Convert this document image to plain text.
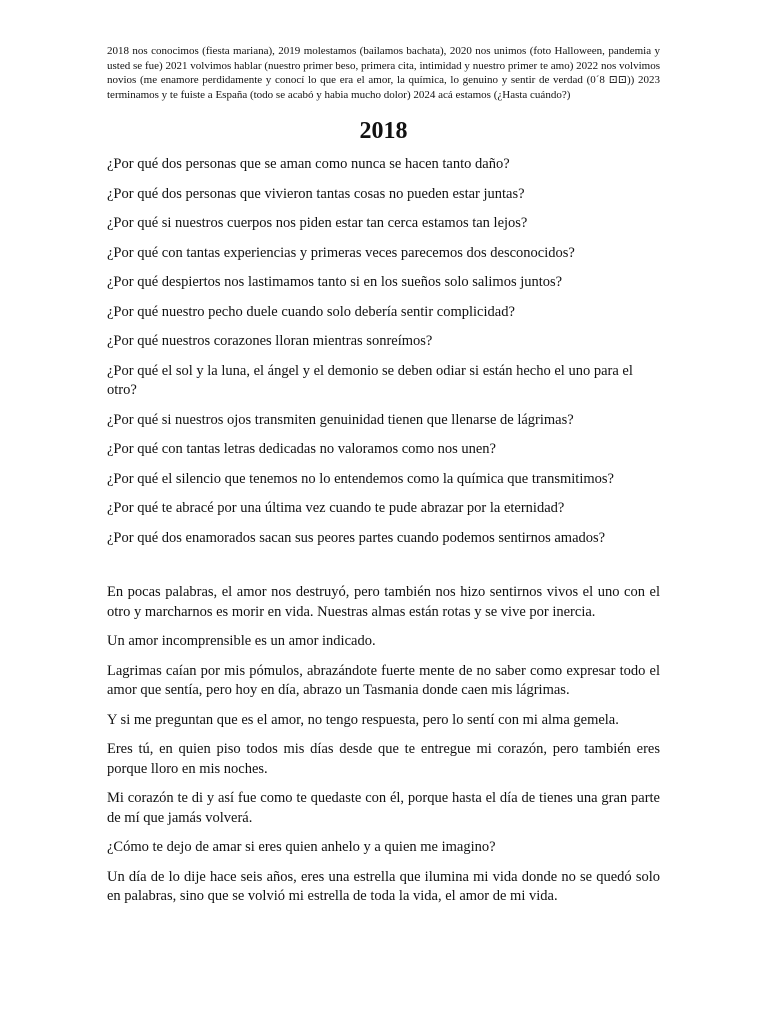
2018 nos conocimos (fiesta mariana), 2019 molestamos (bailamos bachata), 2020 nos unimos (foto Halloween, pandemia y usted se fue) 2021 volvimos hablar (nuestro primer beso, primera cita, intimidad y nuestro primer te amo) 2022 nos volvimos novios (me enamore perdidamente y conocí lo que era el amor, la química, lo genuino y sentir de verdad (0´8 ⊡⊡)) 2023 terminamos y te fuiste a España (todo se acabó y habia mucho dolor) 2024 acá estamos (¿Hasta cuándo?)

2018

¿Por qué dos personas que se aman como nunca se hacen tanto daño?

¿Por qué dos personas que vivieron tantas cosas no pueden estar juntas?

¿Por qué si nuestros cuerpos nos piden estar tan cerca estamos tan lejos?

¿Por qué con tantas experiencias y primeras veces parecemos dos desconocidos?

¿Por qué despiertos nos lastimamos tanto si en los sueños solo salimos juntos?

¿Por qué nuestro pecho duele cuando solo debería sentir complicidad?

¿Por qué nuestros corazones lloran mientras sonreímos?

¿Por qué el sol y la luna, el ángel y el demonio se deben odiar si están hecho el uno para el otro?

¿Por qué si nuestros ojos transmiten genuinidad tienen que llenarse de lágrimas?

¿Por qué con tantas letras dedicadas no valoramos como nos unen?

¿Por qué el silencio que tenemos no lo entendemos como la química que transmitimos?

¿Por qué te abracé por una última vez cuando te pude abrazar por la eternidad?

¿Por qué dos enamorados sacan sus peores partes cuando podemos sentirnos amados?

En pocas palabras, el amor nos destruyó, pero también nos hizo sentirnos vivos el uno con el otro y marcharnos es morir en vida. Nuestras almas están rotas y se vive por inercia.

Un amor incomprensible es un amor indicado.

Lagrimas caían por mis pómulos, abrazándote fuerte mente de no saber como expresar todo el amor que sentía, pero hoy en día, abrazo un Tasmania donde caen mis lágrimas.

Y si me preguntan que es el amor, no tengo respuesta, pero lo sentí con mi alma gemela.

Eres tú, en quien piso todos mis días desde que te entregue mi corazón, pero también eres porque lloro en mis noches.

Mi corazón te di y así fue como te quedaste con él, porque hasta el día de tienes una gran parte de mí que jamás volverá.

¿Cómo te dejo de amar si eres quien anhelo y a quien me imagino?

Un día de lo dije hace seis años, eres una estrella que ilumina mi vida donde no se quedó solo en palabras, sino que se volvió mi estrella de toda la vida, el amor de mi vida.
